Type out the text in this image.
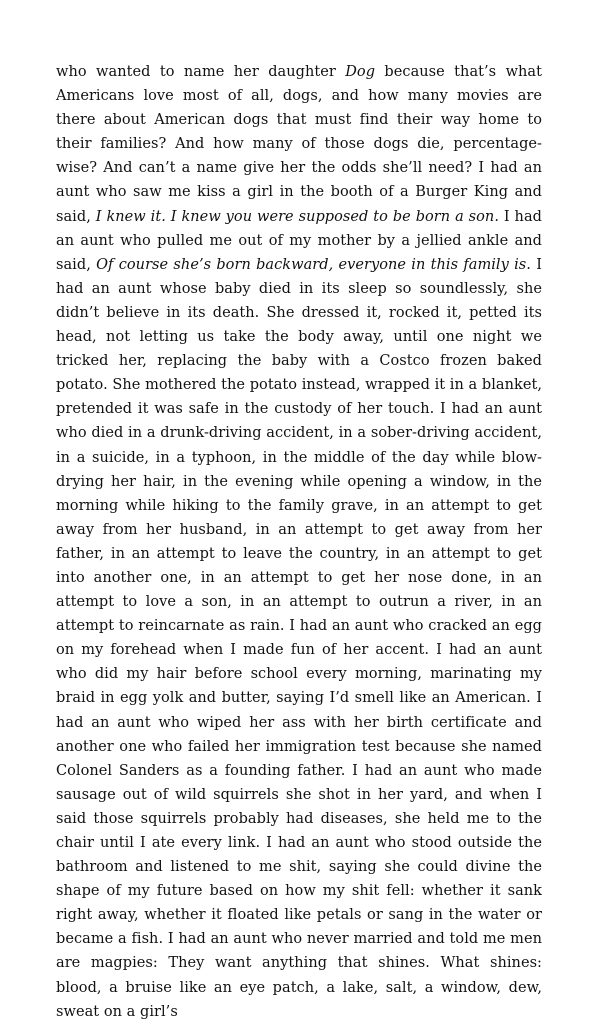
who wanted to name her daughter Dog because that’s what Americans love most of all, dogs, and how many movies are there about American dogs that must find their way home to their families? And how many of those dogs die, percentage-wise? And can’t a name give her the odds she’ll need? I had an aunt who saw me kiss a girl in the booth of a Burger King and said, I knew it. I knew you were supposed to be born a son. I had an aunt who pulled me out of my mother by a jellied ankle and said, Of course she’s born backward, everyone in this family is. I had an aunt whose baby died in its sleep so soundlessly, she didn’t believe in its death. She dressed it, rocked it, petted its head, not letting us take the body away, until one night we tricked her, replacing the baby with a Costco frozen baked potato. She mothered the potato instead, wrapped it in a blanket, pretended it was safe in the custody of her touch. I had an aunt who died in a drunk-driving accident, in a sober-driving accident, in a suicide, in a typhoon, in the middle of the day while blow-drying her hair, in the evening while opening a window, in the morning while hiking to the family grave, in an attempt to get away from her husband, in an attempt to get away from her father, in an attempt to leave the country, in an attempt to get into another one, in an attempt to get her nose done, in an attempt to love a son, in an attempt to outrun a river, in an attempt to reincarnate as rain. I had an aunt who cracked an egg on my forehead when I made fun of her accent. I had an aunt who did my hair before school every morning, marinating my braid in egg yolk and butter, saying I’d smell like an American. I had an aunt who wiped her ass with her birth certificate and another one who failed her immigration test because she named Colonel Sanders as a founding father. I had an aunt who made sausage out of wild squirrels she shot in her yard, and when I said those squirrels probably had diseases, she held me to the chair until I ate every link. I had an aunt who stood outside the bathroom and listened to me shit, saying she could divine the shape of my future based on how my shit fell: whether it sank right away, whether it floated like petals or sang in the water or became a fish. I had an aunt who never married and told me men are magpies: They want anything that shines. What shines: blood, a bruise like an eye patch, a lake, salt, a window, dew, sweat on a girl’s
